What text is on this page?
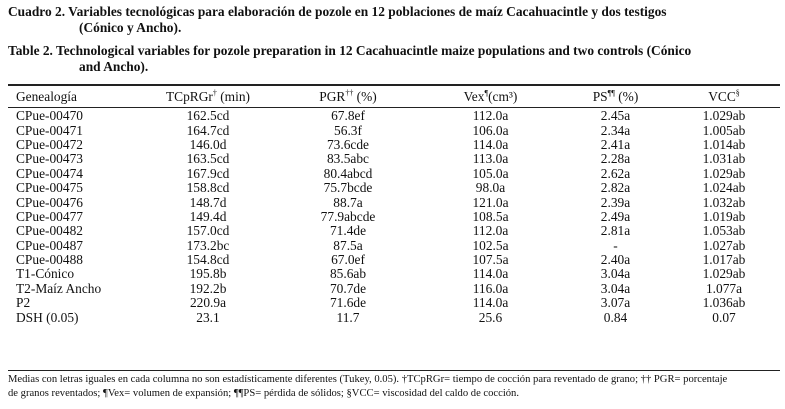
Cuadro 2. Variables tecnológicas para elaboración de pozole en 12 poblaciones de maíz Cacahuacintle y dos testigos
(Cónico y Ancho).
Table 2. Technological variables for pozole preparation in 12 Cacahuacintle maize populations and two controls (Cónico

and Ancho).
Genealogía	TCpRGr† (min)	PGR†† (%)	Vex¶(cm³)	PS¶¶ (%)	VCC§
CPue-00470	162.5cd	67.8ef	112.0a	2.45a	1.029ab
CPue-00471	164.7cd	56.3f	106.0a	2.34a	1.005ab
CPue-00472	146.0d	73.6cde	114.0a	2.41a	1.014ab
CPue-00473	163.5cd	83.5abc	113.0a	2.28a	1.031ab
CPue-00474	167.9cd	80.4abcd	105.0a	2.62a	1.029ab
CPue-00475	158.8cd	75.7bcde	98.0a	2.82a	1.024ab
CPue-00476	148.7d	88.7a	121.0a	2.39a	1.032ab
CPue-00477	149.4d	77.9abcde	108.5a	2.49a	1.019ab
CPue-00482	157.0cd	71.4de	112.0a	2.81a	1.053ab
CPue-00487	173.2bc	87.5a	102.5a	-	1.027ab
CPue-00488	154.8cd	67.0ef	107.5a	2.40a	1.017ab
T1-Cónico	195.8b	85.6ab	114.0a	3.04a	1.029ab
T2-Maíz Ancho	192.2b	70.7de	116.0a	3.04a	1.077a
P2	220.9a	71.6de	114.0a	3.07a	1.036ab
DSH (0.05)	23.1	11.7	25.6	0.84	0.07
Medias con letras iguales en cada columna no son estadísticamente diferentes (Tukey, 0.05). †TCpRGr= tiempo de cocción para reventado de grano; †† PGR= porcentaje
de granos reventados; ¶Vex= volumen de expansión; ¶¶PS= pérdida de sólidos; §VCC= viscosidad del caldo de cocción.
